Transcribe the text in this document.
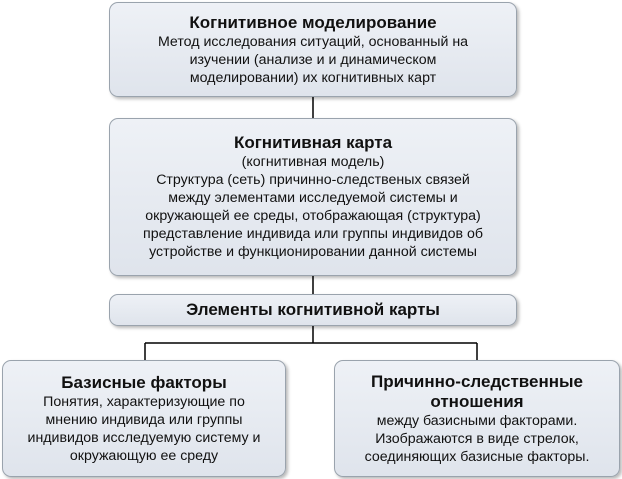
Когнитивное моделирование
Метод исследования ситуаций, основанный на
изучении (анализе и и динамическом
моделировании) их когнитивных карт
Когнитивная карта
(когнитивная модель)
Структура (сеть) причинно-следственых связей
между элементами исследуемой системы и
окружающей ее среды, отображающая (структура)
представление индивида или группы индивидов об
устройстве и функционировании данной системы
Элементы когнитивной карты
Базисные факторы
Понятия, характеризующие по
мнению индивида или группы
индивидов исследуемую систему и
окружающую ее среду
Причинно-следственные
отношения
между базисными факторами.
Изображаются в виде стрелок,
соединяющих базисные факторы.
